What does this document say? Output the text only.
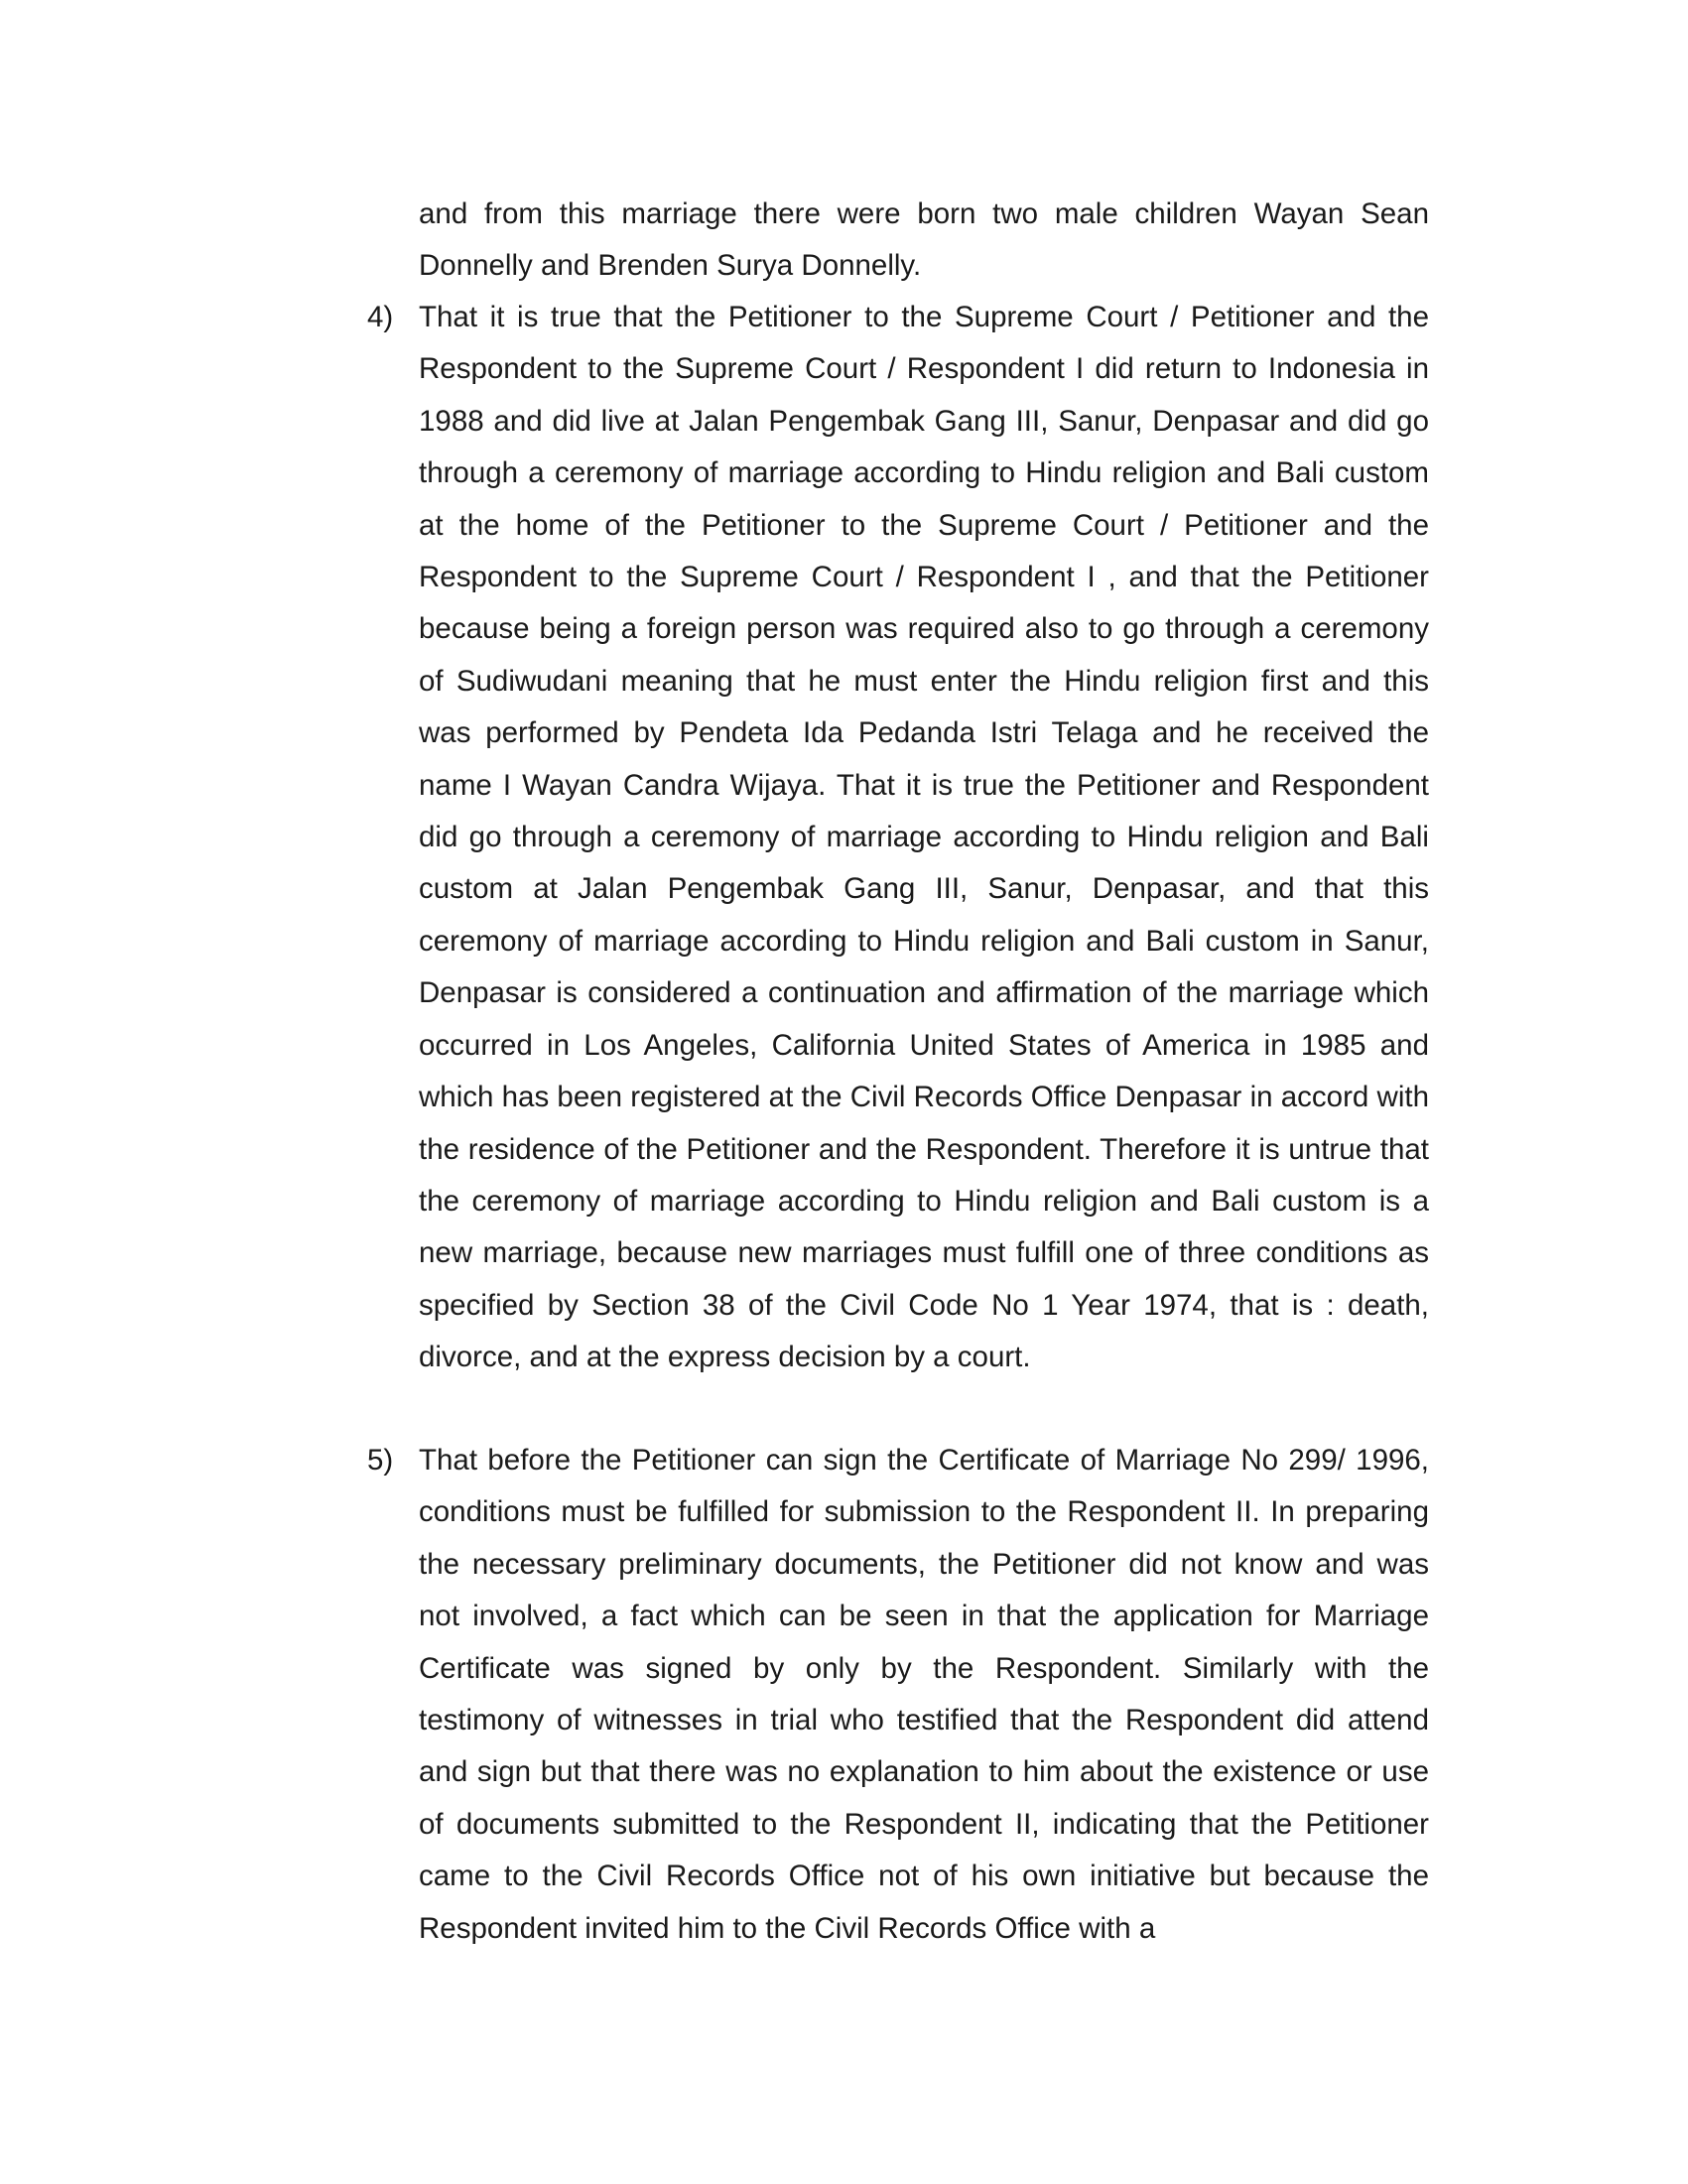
and from this marriage there were born two male children Wayan Sean Donnelly and Brenden Surya Donnelly.

4) That it is true that the Petitioner to the Supreme Court / Petitioner and the Respondent to the Supreme Court / Respondent I did return to Indonesia in 1988 and did live at Jalan Pengembak Gang III, Sanur, Denpasar and did go through a ceremony of marriage according to Hindu religion and Bali custom at the home of the Petitioner to the Supreme Court / Petitioner and the Respondent to the Supreme Court / Respondent I , and that the Petitioner because being a foreign person was required also to go through a ceremony of Sudiwudani meaning that he must enter the Hindu religion first and this was performed by Pendeta Ida Pedanda Istri Telaga and he received the name I Wayan Candra Wijaya. That it is true the Petitioner and Respondent did go through a ceremony of marriage according to Hindu religion and Bali custom at Jalan Pengembak Gang III, Sanur, Denpasar, and that this ceremony of marriage according to Hindu religion and Bali custom in Sanur, Denpasar is considered a continuation and affirmation of the marriage which occurred in Los Angeles, California United States of America in 1985 and which has been registered at the Civil Records Office Denpasar in accord with the residence of the Petitioner and the Respondent. Therefore it is untrue that the ceremony of marriage according to Hindu religion and Bali custom is a new marriage, because new marriages must fulfill one of three conditions as specified by Section 38 of the Civil Code No 1 Year 1974, that is : death, divorce, and at the express decision by a court.

5) That before the Petitioner can sign the Certificate of Marriage No 299/ 1996, conditions must be fulfilled for submission to the Respondent II. In preparing the necessary preliminary documents, the Petitioner did not know and was not involved, a fact which can be seen in that the application for Marriage Certificate was signed by only by the Respondent. Similarly with the testimony of witnesses in trial who testified that the Respondent did attend and sign but that there was no explanation to him about the existence or use of documents submitted to the Respondent II, indicating that the Petitioner came to the Civil Records Office not of his own initiative but because the Respondent invited him to the Civil Records Office with a
